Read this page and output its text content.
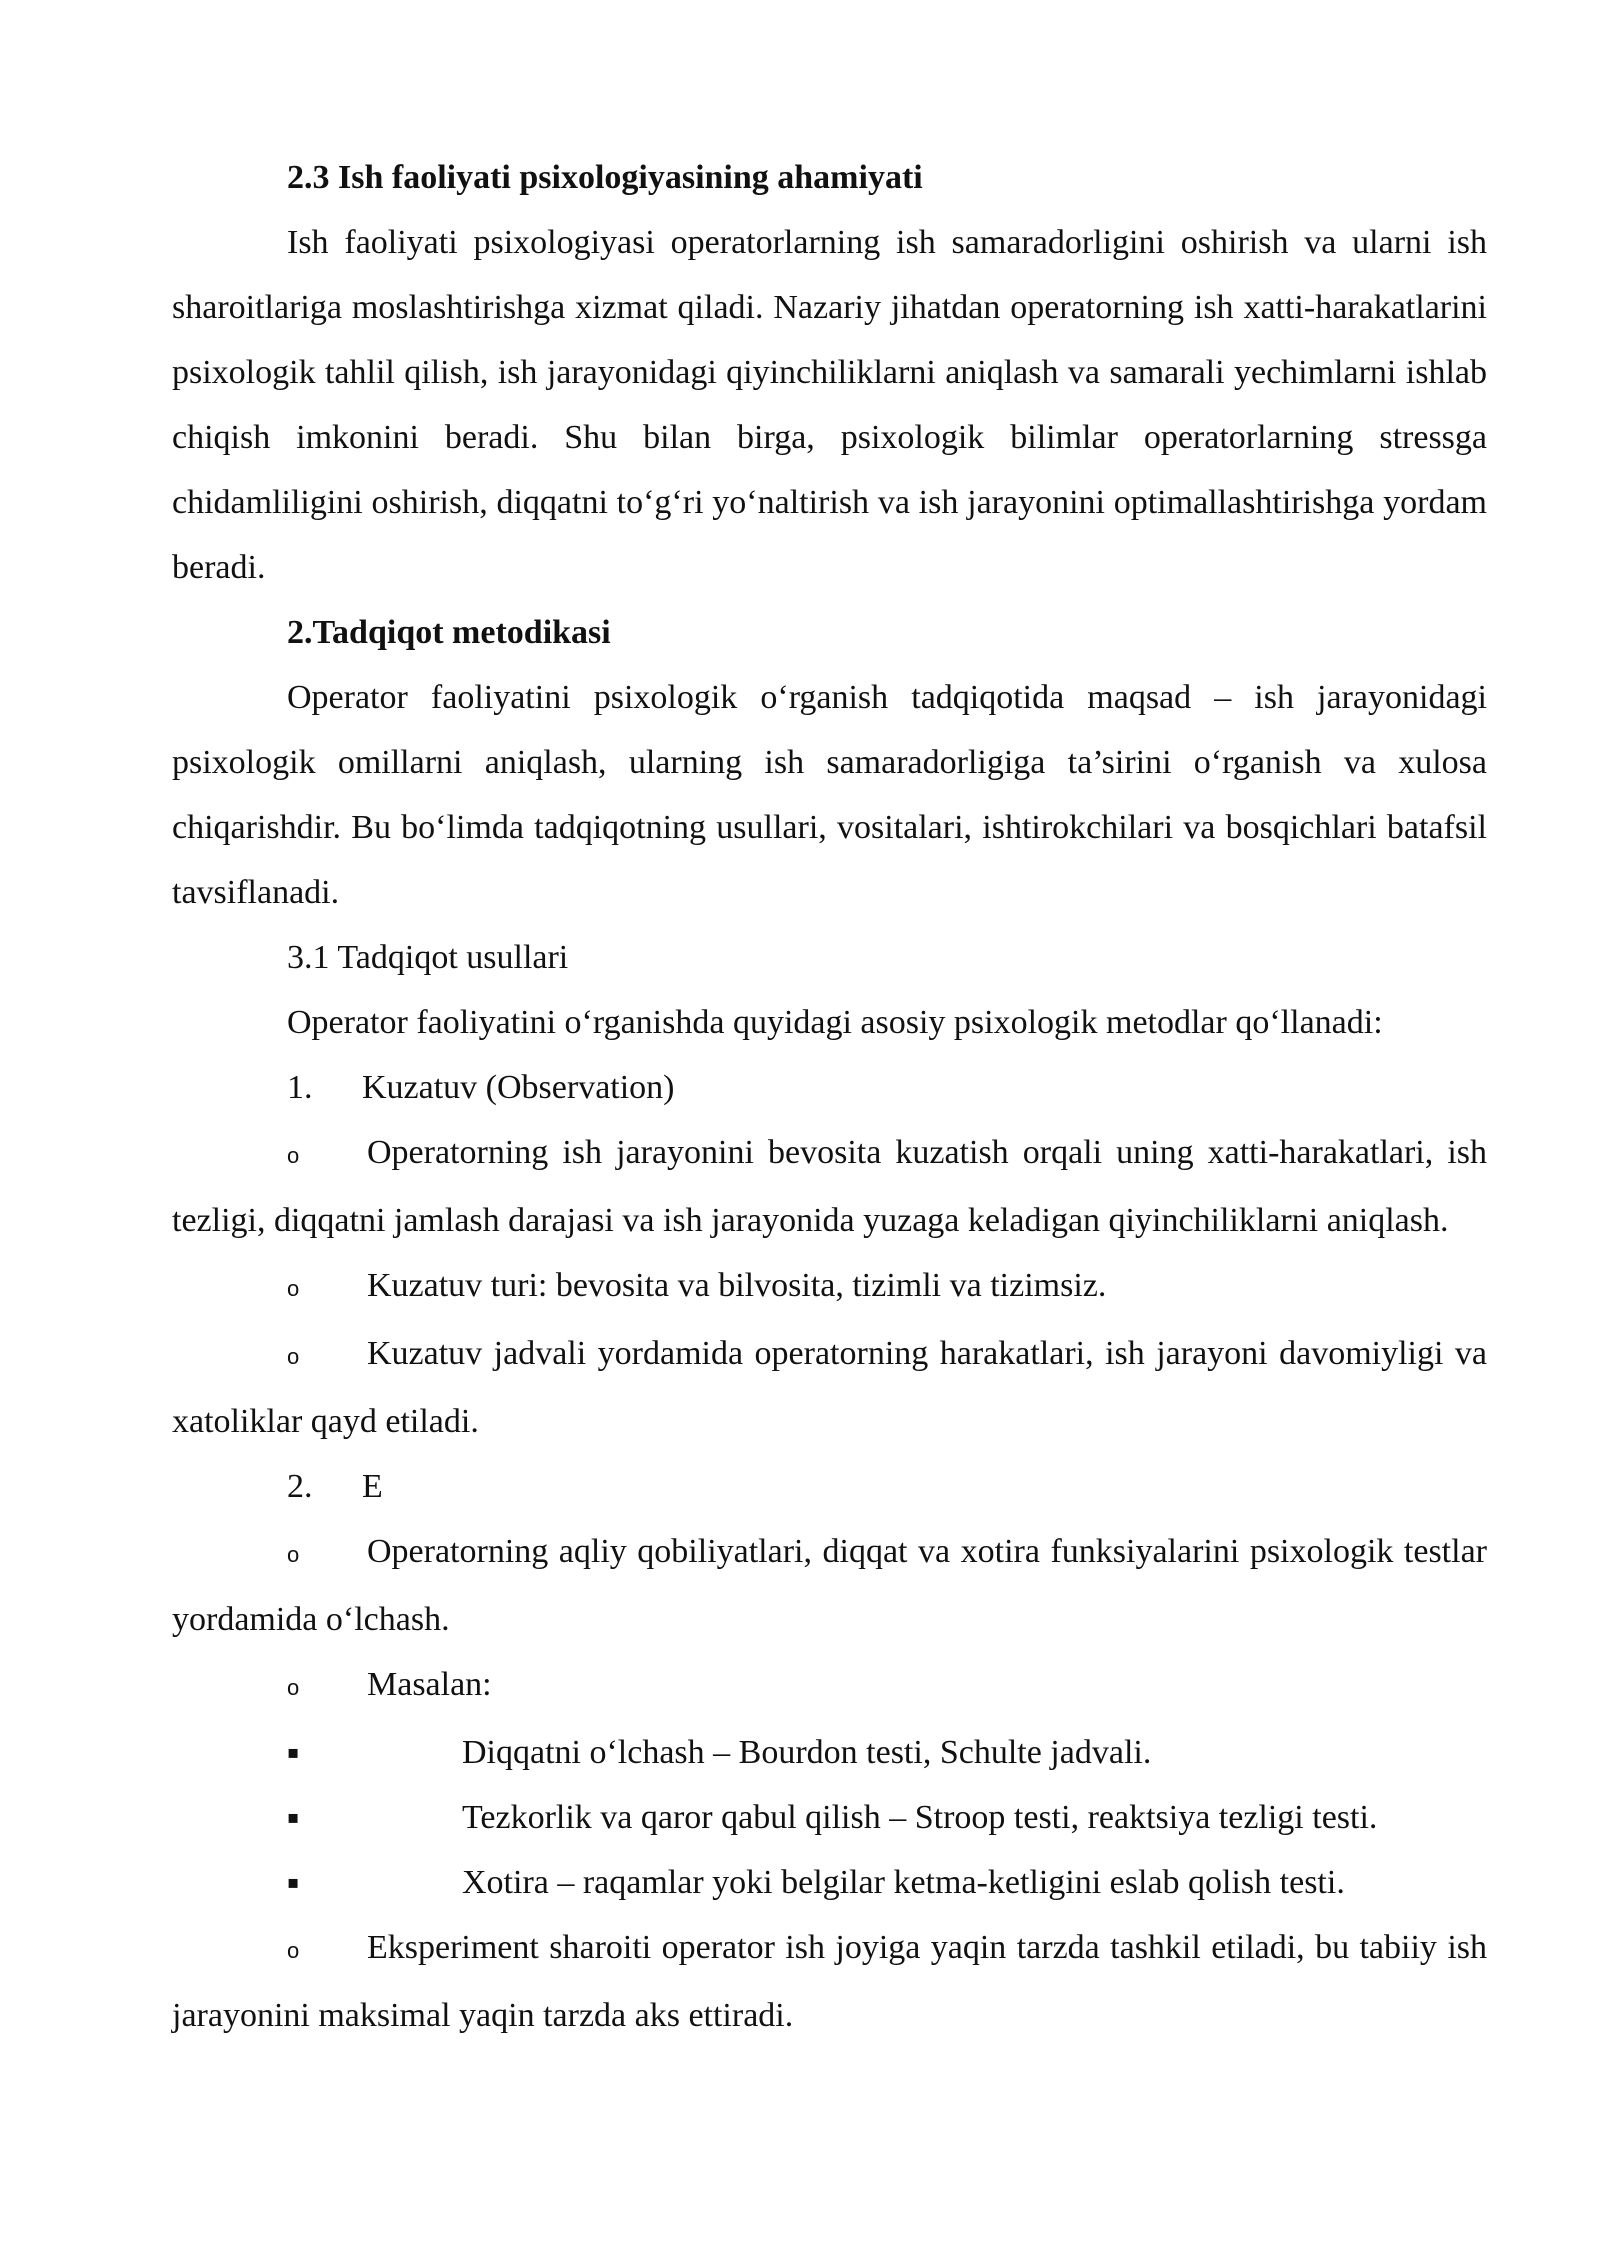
2.3 Ish faoliyati psixologiyasining ahamiyati

Ish faoliyati psixologiyasi operatorlarning ish samaradorligini oshirish va ularni ish sharoitlariga moslashtirishga xizmat qiladi. Nazariy jihatdan operatorning ish xatti-harakatlarini psixologik tahlil qilish, ish jarayonidagi qiyinchiliklarni aniqlash va samarali yechimlarni ishlab chiqish imkonini beradi. Shu bilan birga, psixologik bilimlar operatorlarning stressga chidamliligini oshirish, diqqatni to‘g‘ri yo‘naltirish va ish jarayonini optimallashtirishga yordam beradi.

2.Tadqiqot metodikasi

Operator faoliyatini psixologik o‘rganish tadqiqotida maqsad – ish jarayonidagi psixologik omillarni aniqlash, ularning ish samaradorligiga ta’sirini o‘rganish va xulosa chiqarishdir. Bu bo‘limda tadqiqotning usullari, vositalari, ishtirokchilari va bosqichlari batafsil tavsiflanadi.

3.1 Tadqiqot usullari

Operator faoliyatini o‘rganishda quyidagi asosiy psixologik metodlar qo‘llanadi:

1.	Kuzatuv (Observation)

o Operatorning ish jarayonini bevosita kuzatish orqali uning xatti-harakatlari, ish tezligi, diqqatni jamlash darajasi va ish jarayonida yuzaga keladigan qiyinchiliklarni aniqlash.

o Kuzatuv turi: bevosita va bilvosita, tizimli va tizimsiz.

o Kuzatuv jadvali yordamida operatorning harakatlari, ish jarayoni davomiyligi va xatoliklar qayd etiladi.

2.	E

o Operatorning aqliy qobiliyatlari, diqqat va xotira funksiyalarini psixologik testlar yordamida o‘lchash.

o Masalan:

▪	Diqqatni o‘lchash – Bourdon testi, Schulte jadvali.

▪	Tezkorlik va qaror qabul qilish – Stroop testi, reaktsiya tezligi testi.

▪	Xotira – raqamlar yoki belgilar ketma-ketligini eslab qolish testi.

o Eksperiment sharoiti operator ish joyiga yaqin tarzda tashkil etiladi, bu tabiiy ish jarayonini maksimal yaqin tarzda aks ettiradi.
